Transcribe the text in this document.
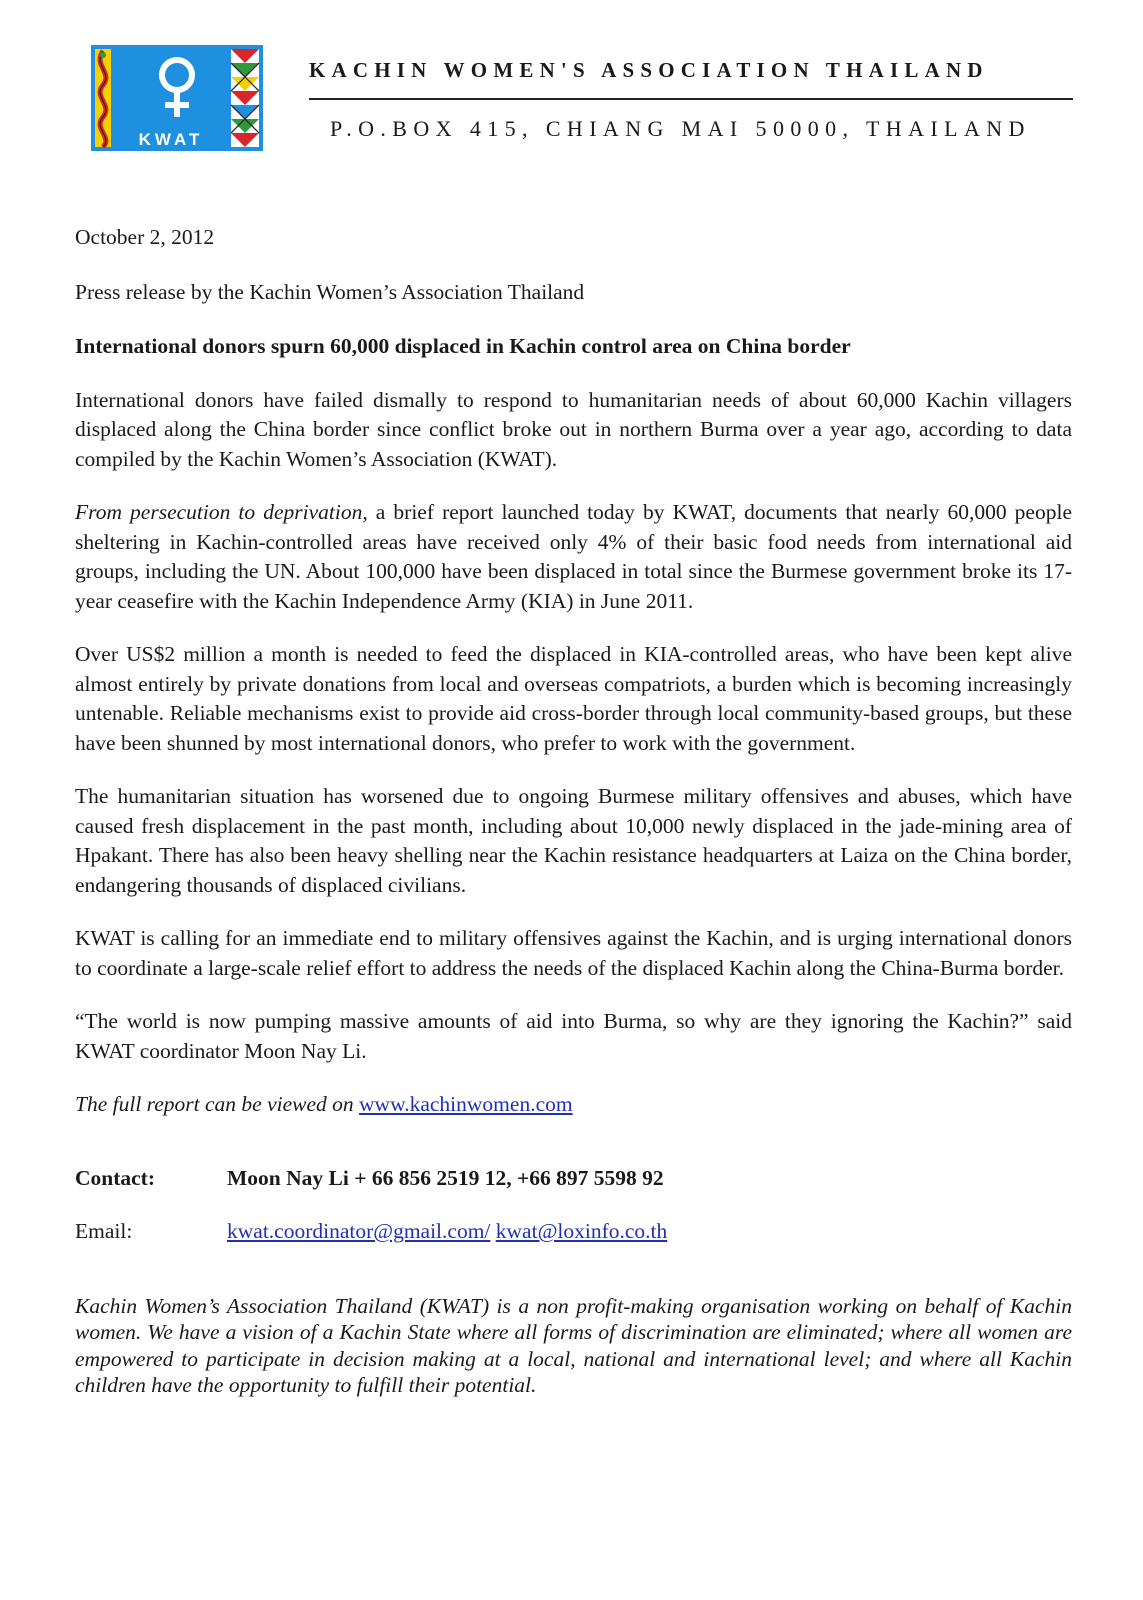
KWAT
KACHIN WOMEN'S ASSOCIATION THAILAND
P.O.BOX 415, CHIANG MAI 50000, THAILAND

October 2, 2012

Press release by the Kachin Women’s Association Thailand

International donors spurn 60,000 displaced in Kachin control area on China border

International donors have failed dismally to respond to humanitarian needs of about 60,000 Kachin villagers displaced along the China border since conflict broke out in northern Burma over a year ago, according to data compiled by the Kachin Women’s Association (KWAT).

From persecution to deprivation, a brief report launched today by KWAT, documents that nearly 60,000 people sheltering in Kachin-controlled areas have received only 4% of their basic food needs from international aid groups, including the UN. About 100,000 have been displaced in total since the Burmese government broke its 17-year ceasefire with the Kachin Independence Army (KIA) in June 2011.

Over US$2 million a month is needed to feed the displaced in KIA-controlled areas, who have been kept alive almost entirely by private donations from local and overseas compatriots, a burden which is becoming increasingly untenable. Reliable mechanisms exist to provide aid cross-border through local community-based groups, but these have been shunned by most international donors, who prefer to work with the government.

The humanitarian situation has worsened due to ongoing Burmese military offensives and abuses, which have caused fresh displacement in the past month, including about 10,000 newly displaced in the jade-mining area of Hpakant. There has also been heavy shelling near the Kachin resistance headquarters at Laiza on the China border, endangering thousands of displaced civilians.

KWAT is calling for an immediate end to military offensives against the Kachin, and is urging international donors to coordinate a large-scale relief effort to address the needs of the displaced Kachin along the China-Burma border.

“The world is now pumping massive amounts of aid into Burma, so why are they ignoring the Kachin?” said KWAT coordinator Moon Nay Li.

The full report can be viewed on www.kachinwomen.com

Contact:	Moon Nay Li + 66 856 2519 12, +66 897 5598 92
Email:	kwat.coordinator@gmail.com/ kwat@loxinfo.co.th

Kachin Women’s Association Thailand (KWAT) is a non profit-making organisation working on behalf of Kachin women. We have a vision of a Kachin State where all forms of discrimination are eliminated; where all women are empowered to participate in decision making at a local, national and international level; and where all Kachin children have the opportunity to fulfill their potential.
